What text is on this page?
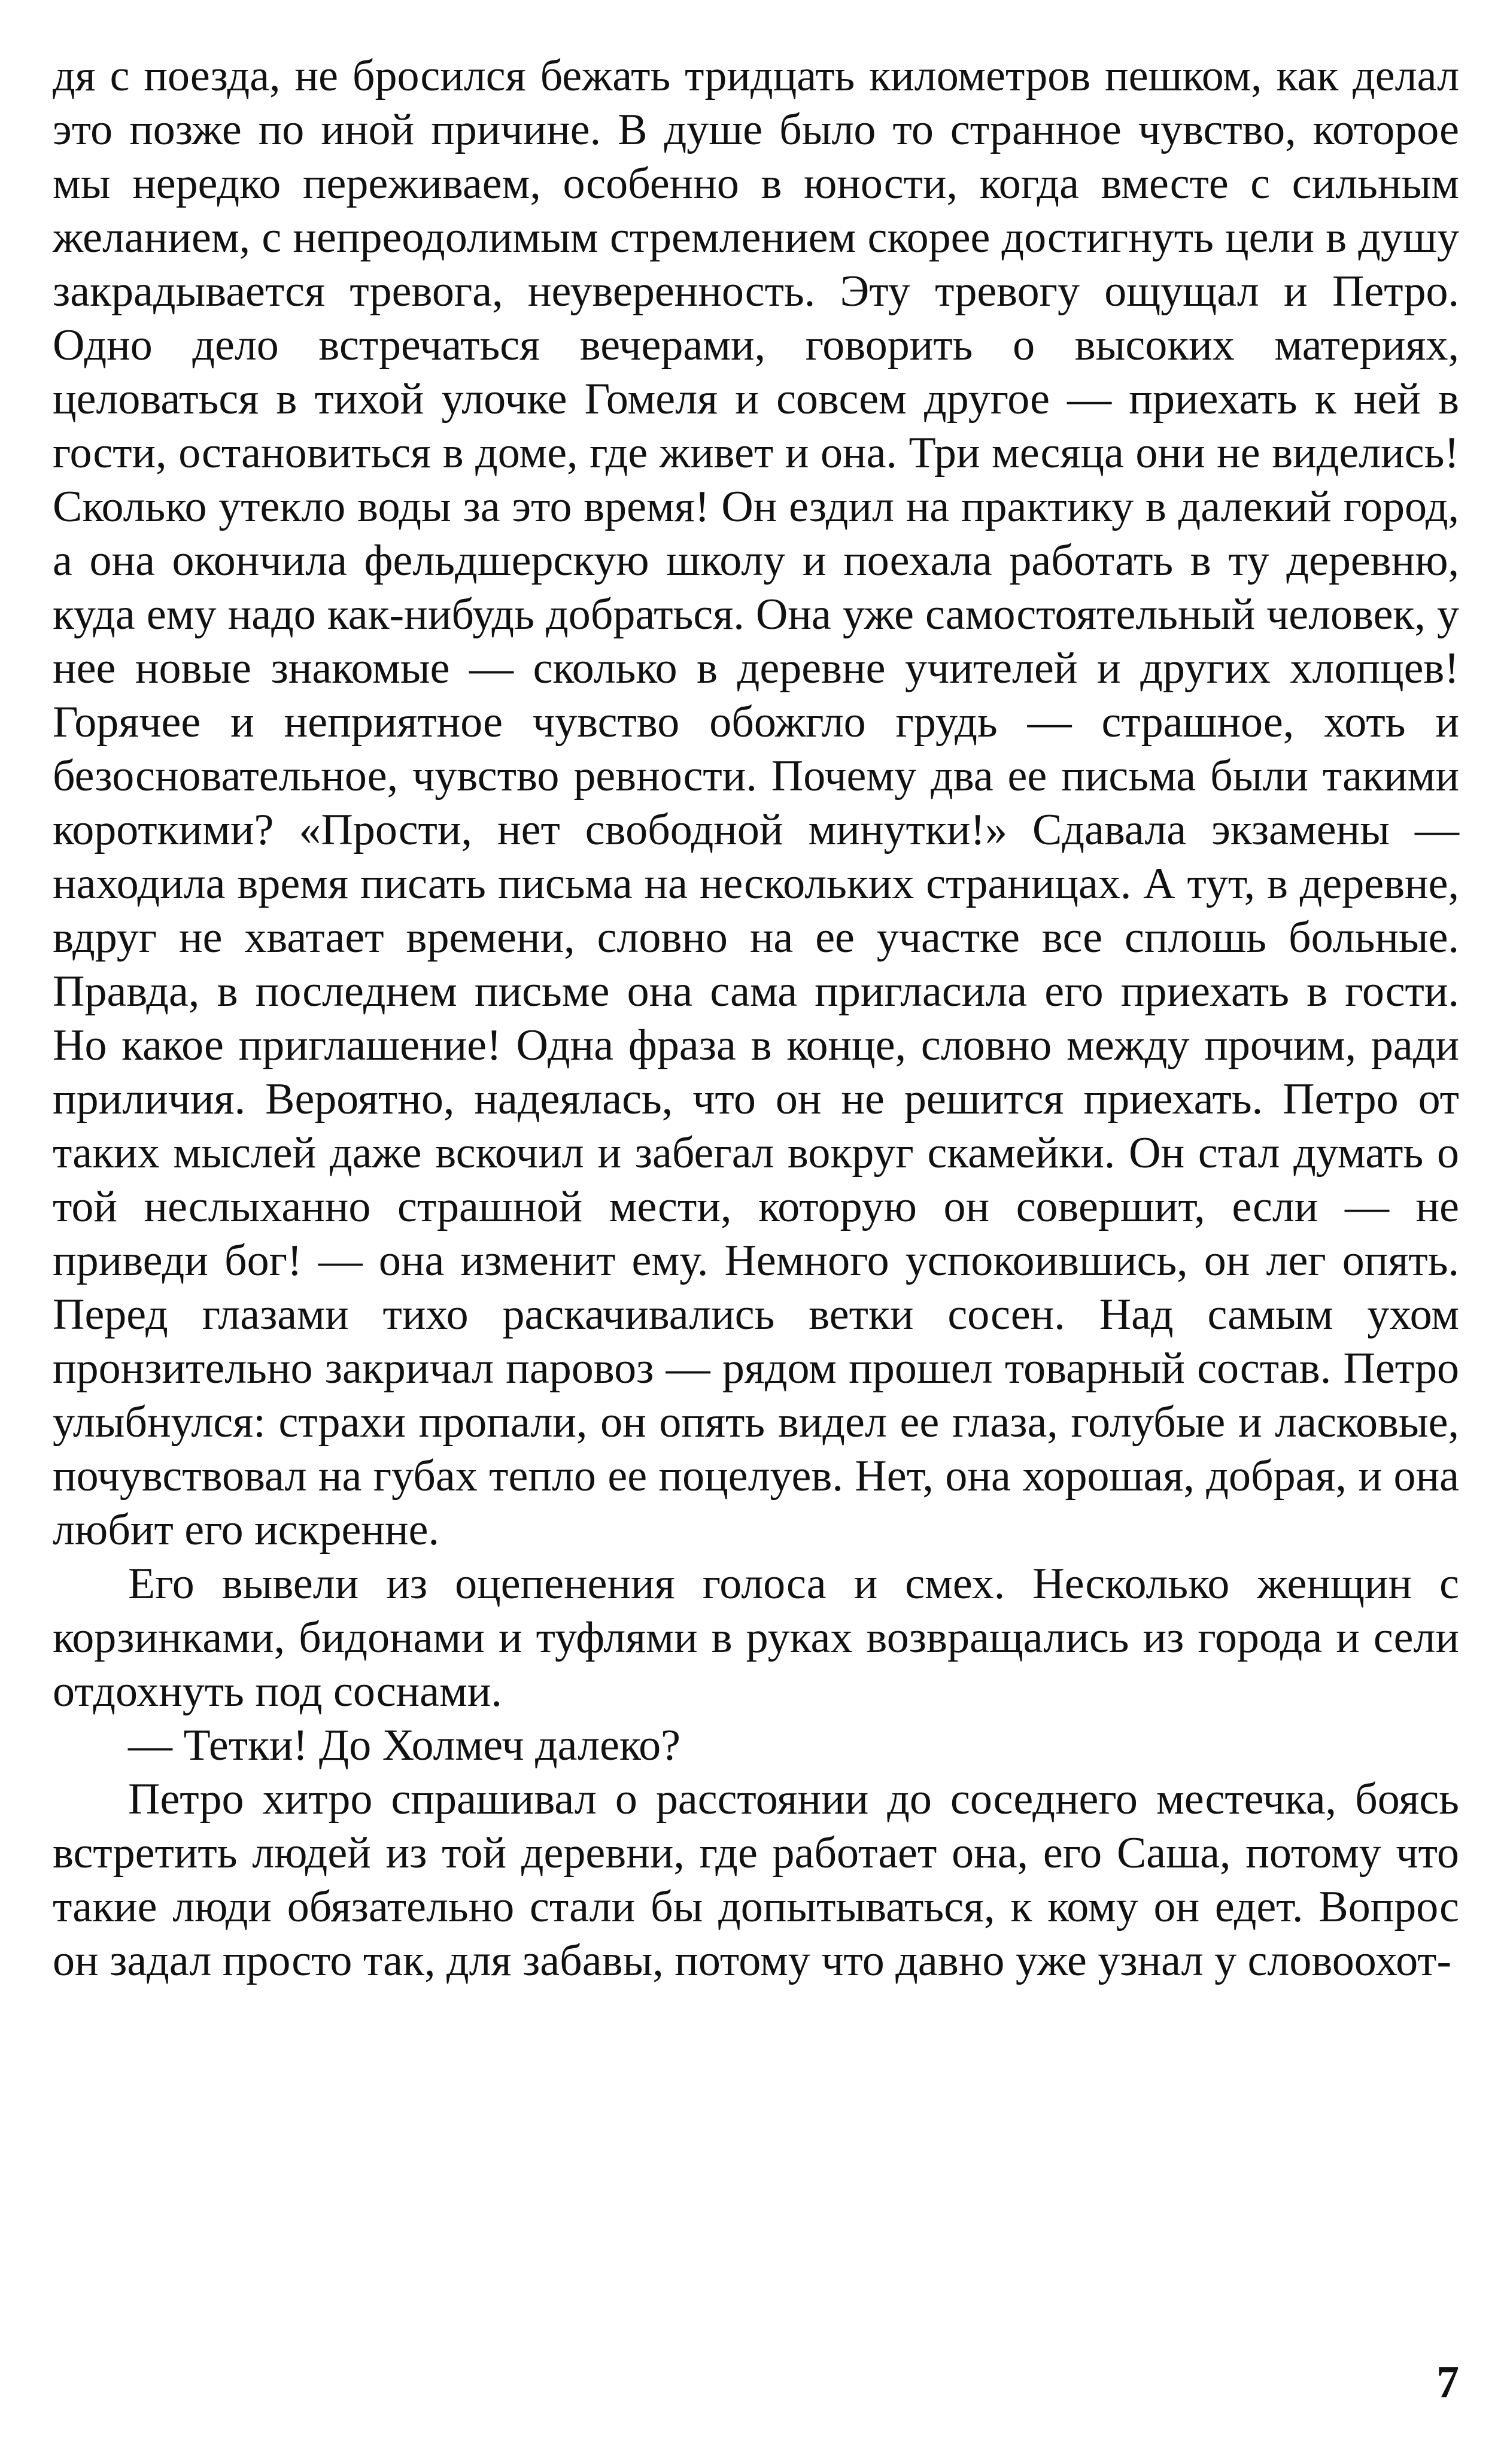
дя с поезда, не бросился бежать тридцать километров пешком, как делал это позже по иной причине. В душе было то странное чувство, которое мы нередко переживаем, особенно в юности, когда вместе с сильным желанием, с непреодолимым стремлением скорее достигнуть цели в душу закрадывается тревога, неуверенность. Эту тревогу ощущал и Петро. Одно дело встречаться вечерами, говорить о высоких материях, целоваться в тихой улочке Гомеля и совсем другое — приехать к ней в гости, остановиться в доме, где живет и она. Три месяца они не виделись! Сколько утекло воды за это время! Он ездил на практику в далекий город, а она окончила фельдшерскую школу и поехала работать в ту деревню, куда ему надо как-нибудь добраться. Она уже самостоятельный человек, у нее новые знакомые — сколько в деревне учителей и других хлопцев! Горячее и неприятное чувство обожгло грудь — страшное, хоть и безосновательное, чувство ревности. Почему два ее письма были такими короткими? «Прости, нет свободной минутки!» Сдавала экзамены — находила время писать письма на нескольких страницах. А тут, в деревне, вдруг не хватает времени, словно на ее участке все сплошь больные. Правда, в последнем письме она сама пригласила его приехать в гости. Но какое приглашение! Одна фраза в конце, словно между прочим, ради приличия. Вероятно, надеялась, что он не решится приехать. Петро от таких мыслей даже вскочил и забегал вокруг скамейки. Он стал думать о той неслыханно страшной мести, которую он совершит, если — не приведи бог! — она изменит ему. Немного успокоившись, он лег опять. Перед глазами тихо раскачивались ветки сосен. Над самым ухом пронзительно закричал паровоз — рядом прошел товарный состав. Петро улыбнулся: страхи пропали, он опять видел ее глаза, голубые и ласковые, почувствовал на губах тепло ее поцелуев. Нет, она хорошая, добрая, и она любит его искренне.

Его вывели из оцепенения голоса и смех. Несколько женщин с корзинками, бидонами и туфлями в руках возвращались из города и сели отдохнуть под соснами.

— Тетки! До Холмеч далеко?

Петро хитро спрашивал о расстоянии до соседнего местечка, боясь встретить людей из той деревни, где работает она, его Саша, потому что такие люди обязательно стали бы допытываться, к кому он едет. Вопрос он задал просто так, для забавы, потому что давно уже узнал у словоохот-

7
